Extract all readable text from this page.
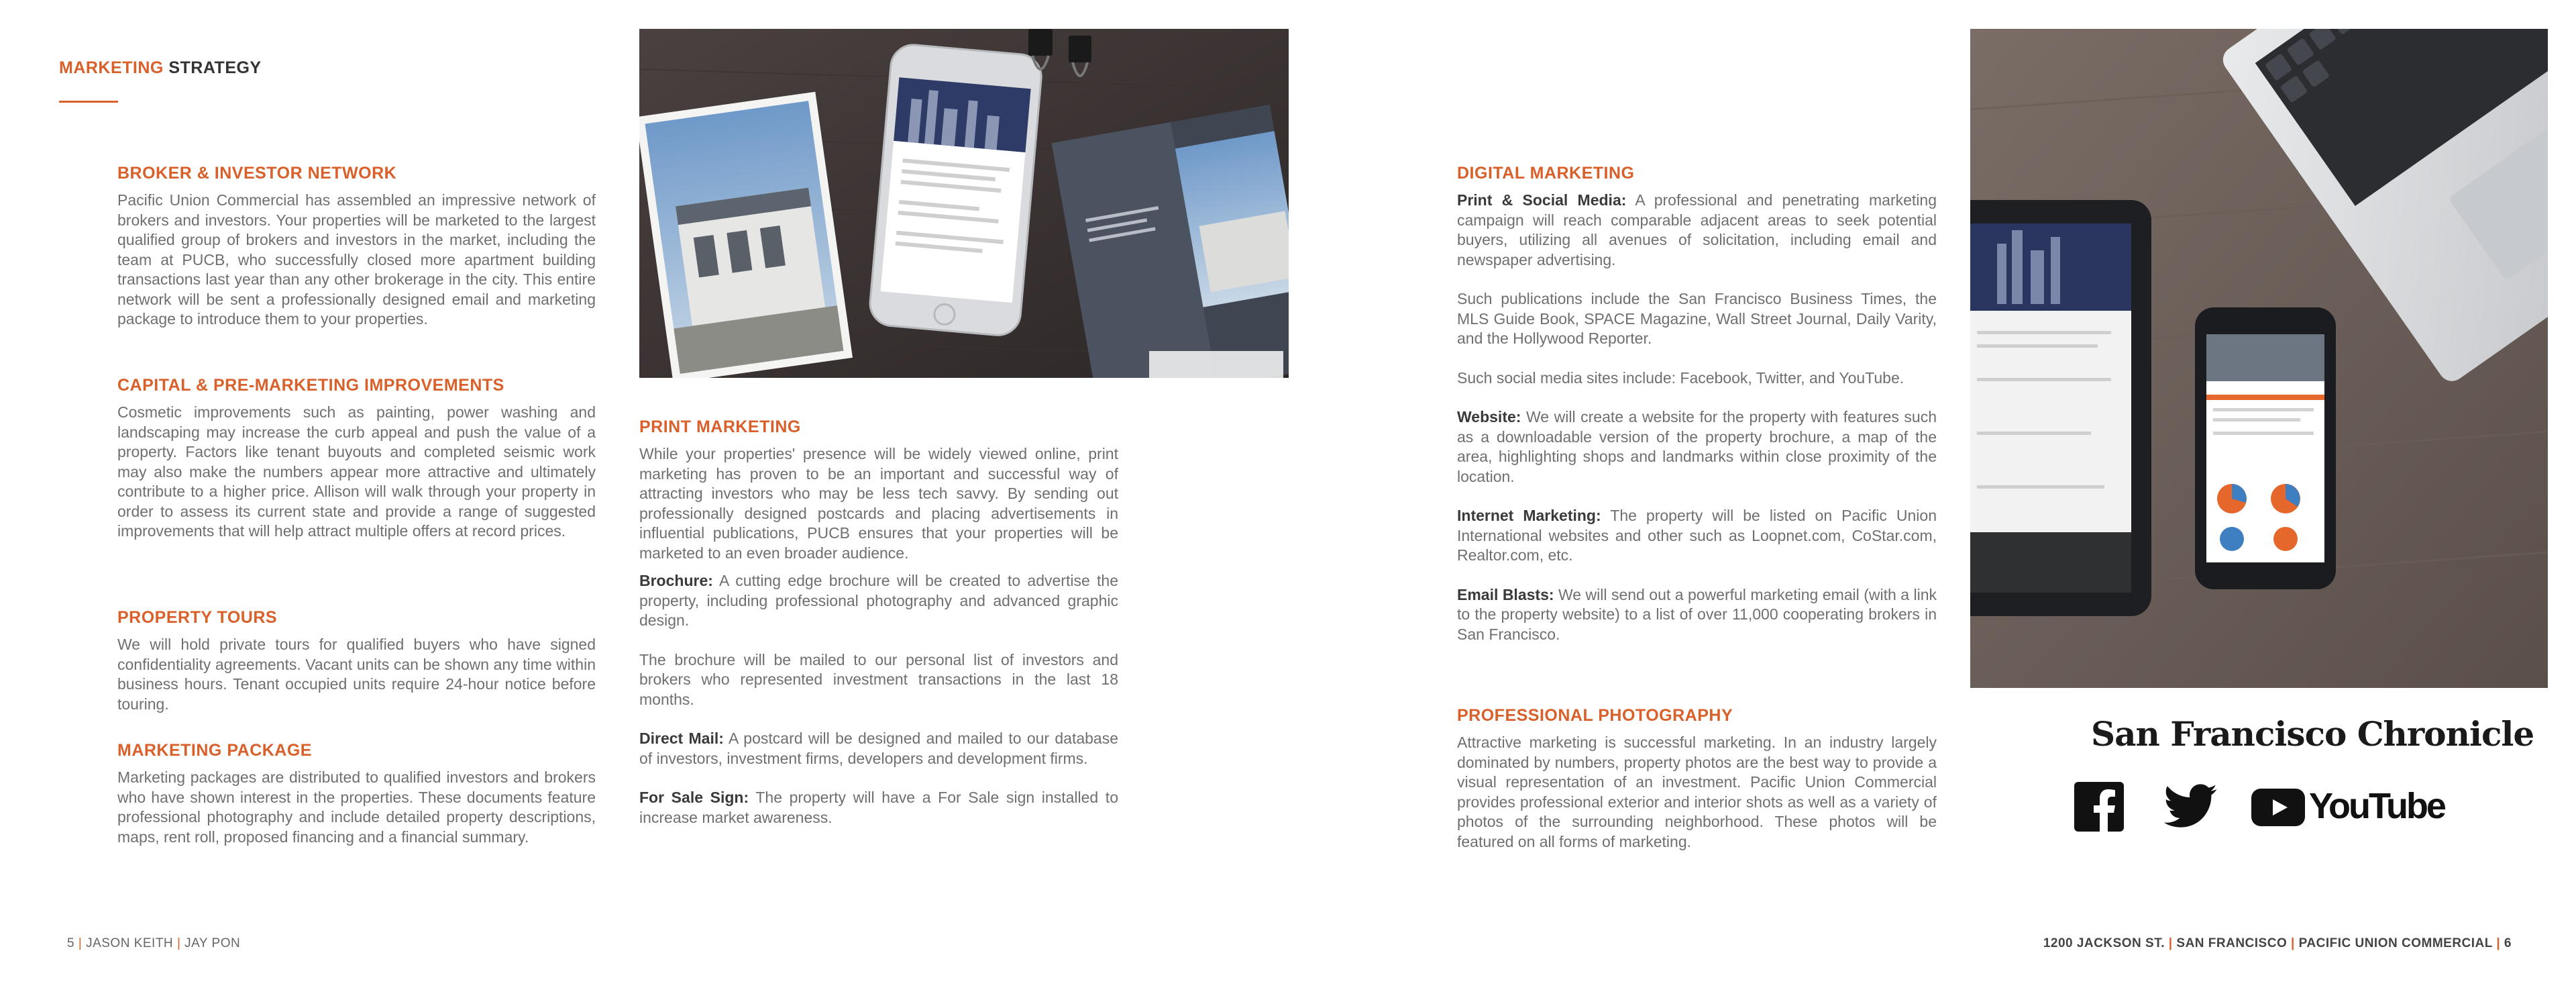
MARKETING STRATEGY
BROKER & INVESTOR NETWORK

Pacific Union Commercial has assembled an impressive network of brokers and investors. Your properties will be marketed to the largest qualified group of brokers and investors in the market, including the team at PUCB, who successfully closed more apartment building transactions last year than any other brokerage in the city. This entire network will be sent a professionally designed email and marketing package to introduce them to your properties.

CAPITAL & PRE-MARKETING IMPROVEMENTS

Cosmetic improvements such as painting, power washing and landscaping may increase the curb appeal and push the value of a property. Factors like tenant buyouts and completed seismic work may also make the numbers appear more attractive and ultimately contribute to a higher price. Allison will walk through your property in order to assess its current state and provide a range of suggested improvements that will help attract multiple offers at record prices.

PROPERTY TOURS

We will hold private tours for qualified buyers who have signed confidentiality agreements. Vacant units can be shown any time within business hours. Tenant occupied units require 24-hour notice before touring.

MARKETING PACKAGE

Marketing packages are distributed to qualified investors and brokers who have shown interest in the properties. These documents feature professional photography and include detailed property descriptions, maps, rent roll, proposed financing and a financial summary.

PRINT MARKETING

While your properties' presence will be widely viewed online, print marketing has proven to be an important and successful way of attracting investors who may be less tech savvy. By sending out professionally designed postcards and placing advertisements in influential publications, PUCB ensures that your properties will be marketed to an even broader audience.

Brochure: A cutting edge brochure will be created to advertise the property, including professional photography and advanced graphic design.

The brochure will be mailed to our personal list of investors and brokers who represented investment transactions in the last 18 months.

Direct Mail: A postcard will be designed and mailed to our database of investors, investment firms, developers and development firms.

For Sale Sign: The property will have a For Sale sign installed to increase market awareness.

5 | JASON KEITH | JAY PON
DIGITAL MARKETING

Print & Social Media: A professional and penetrating marketing campaign will reach comparable adjacent areas to seek potential buyers, utilizing all avenues of solicitation, including email and newspaper advertising.

Such publications include the San Francisco Business Times, the MLS Guide Book, SPACE Magazine, Wall Street Journal, Daily Varity, and the Hollywood Reporter.

Such social media sites include: Facebook, Twitter, and YouTube.

Website: We will create a website for the property with features such as a downloadable version of the property brochure, a map of the area, highlighting shops and landmarks within close proximity of the location.

Internet Marketing: The property will be listed on Pacific Union International websites and other such as Loopnet.com, CoStar.com, Realtor.com, etc.

Email Blasts: We will send out a powerful marketing email (with a link to the property website) to a list of over 11,000 cooperating brokers in San Francisco.

PROFESSIONAL PHOTOGRAPHY

Attractive marketing is successful marketing. In an industry largely dominated by numbers, property photos are the best way to provide a visual representation of an investment. Pacific Union Commercial provides professional exterior and interior shots as well as a variety of photos of the surrounding neighborhood. These photos will be featured on all forms of marketing.

San Francisco Chronicle
YouTube
1200 JACKSON ST. | SAN FRANCISCO | PACIFIC UNION COMMERCIAL | 6
